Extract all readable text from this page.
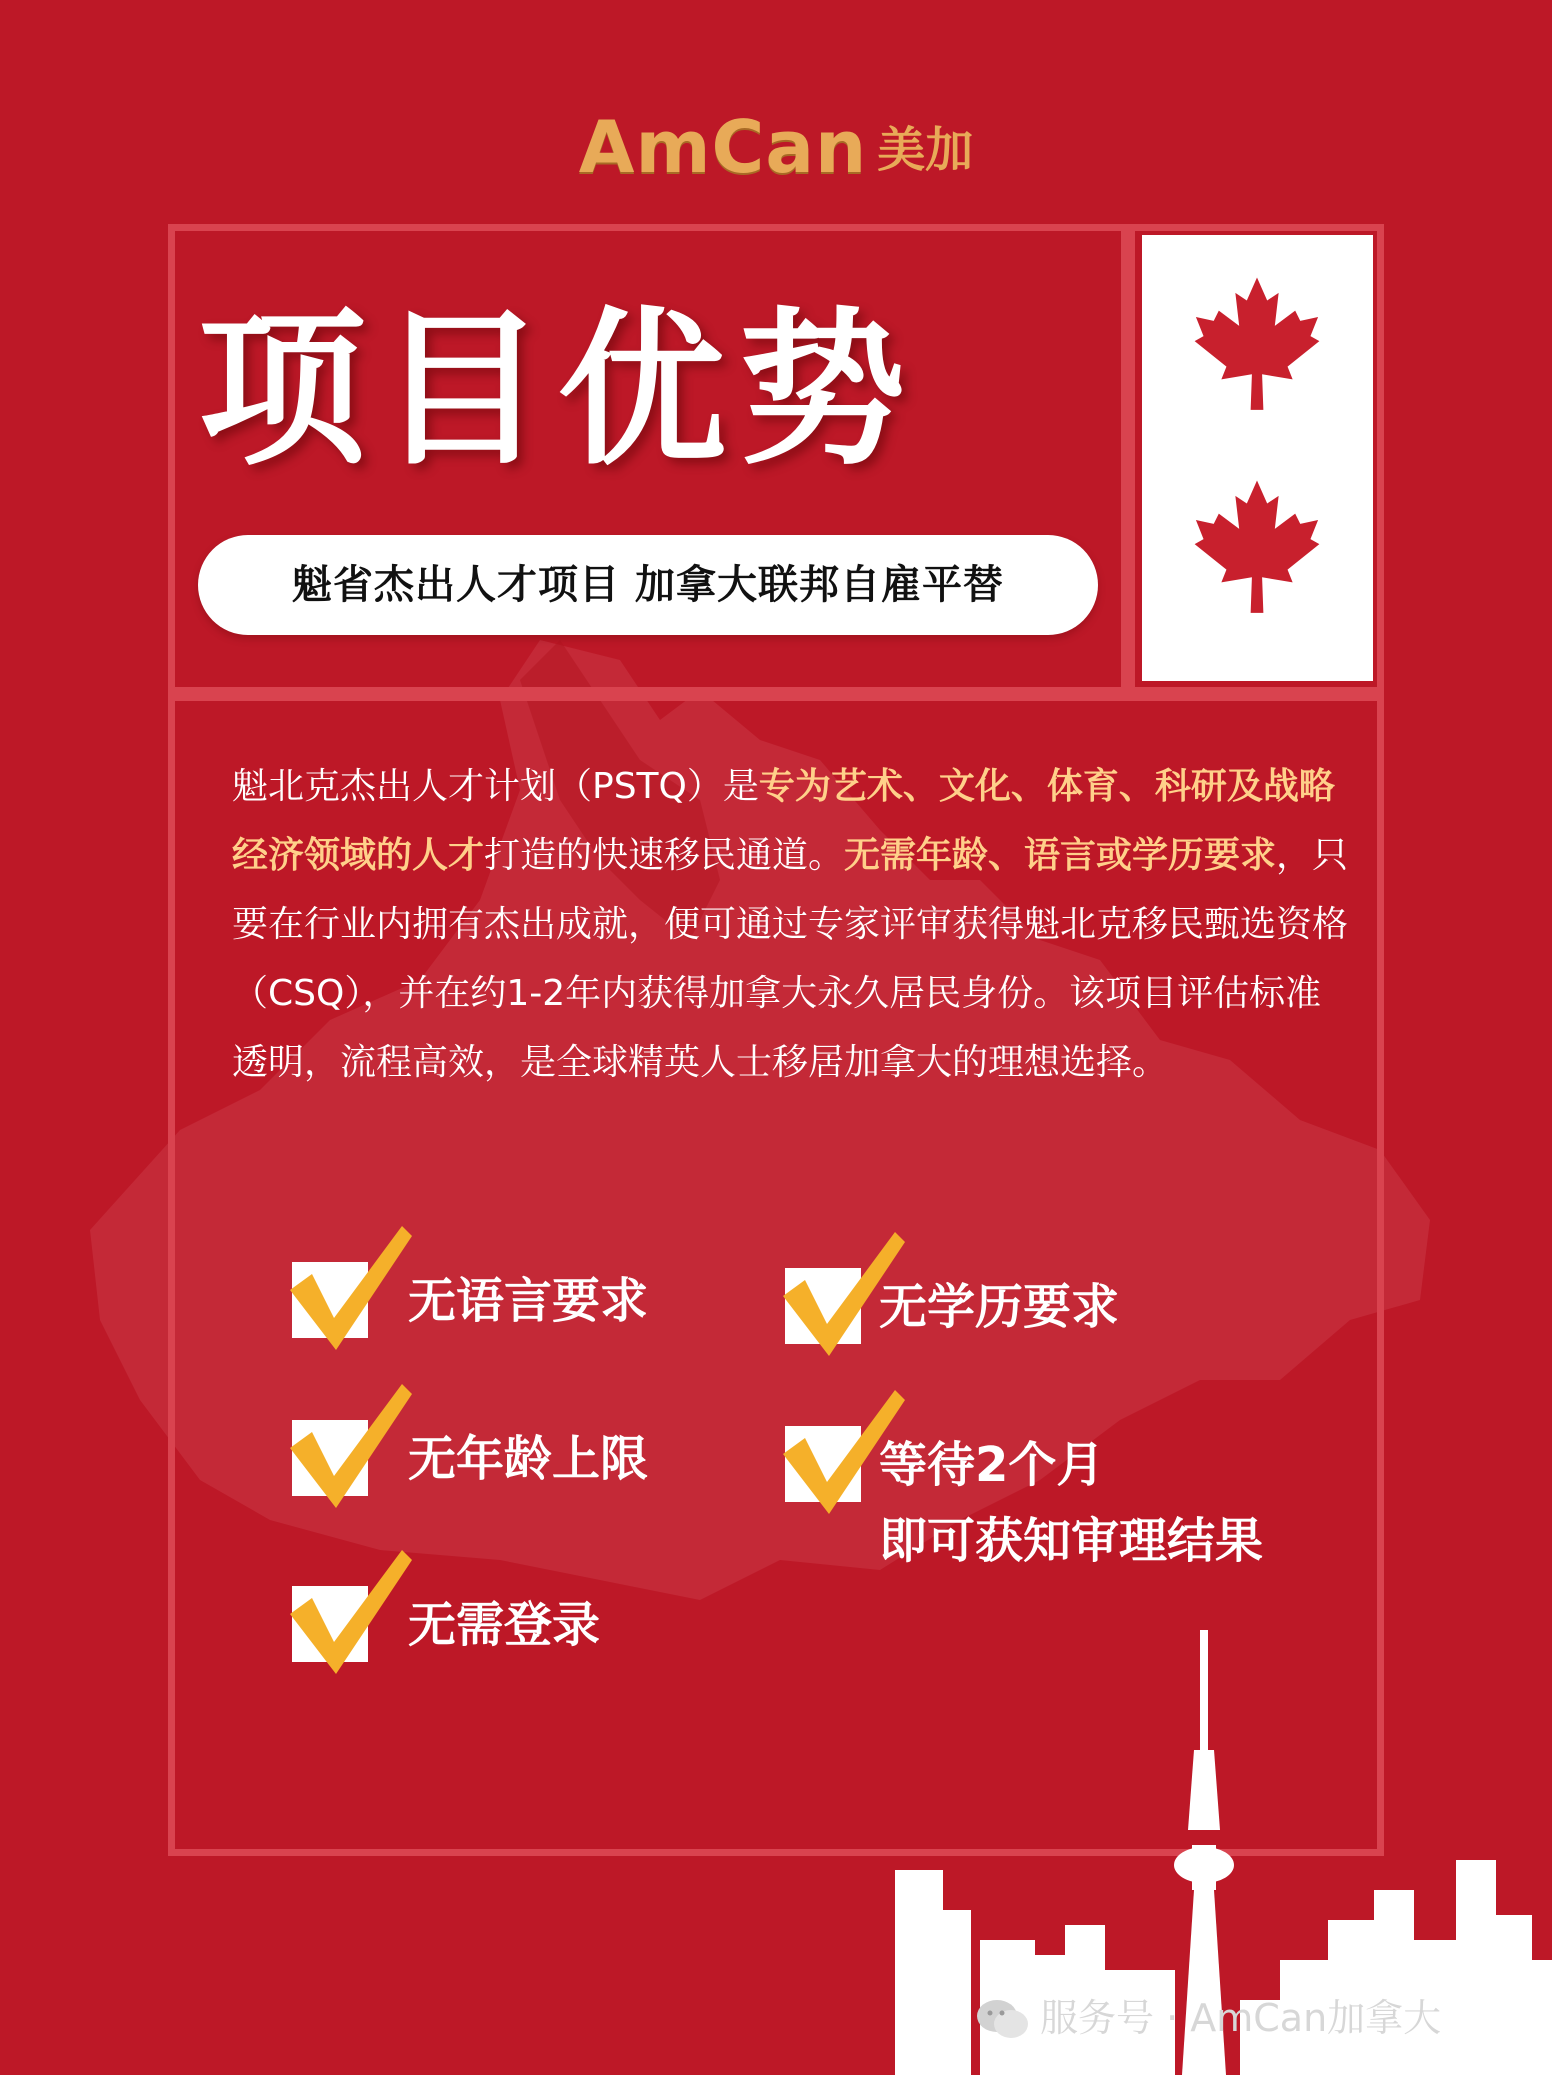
AmCan 美加
项目优势
魁省杰出人才项目 加拿大联邦自雇平替
魁北克杰出人才计划（PSTQ）是专为艺术、文化、体育、科研及战略经济领域的人才打造的快速移民通道。无需年龄、语言或学历要求，只要在行业内拥有杰出成就，便可通过专家评审获得魁北克移民甄选资格（CSQ），并在约1-2年内获得加拿大永久居民身份。该项目评估标准透明，流程高效，是全球精英人士移居加拿大的理想选择。
无语言要求	无学历要求
无年龄上限	等待2个月
即可获知审理结果
无需登录
服务号 · AmCan加拿大
